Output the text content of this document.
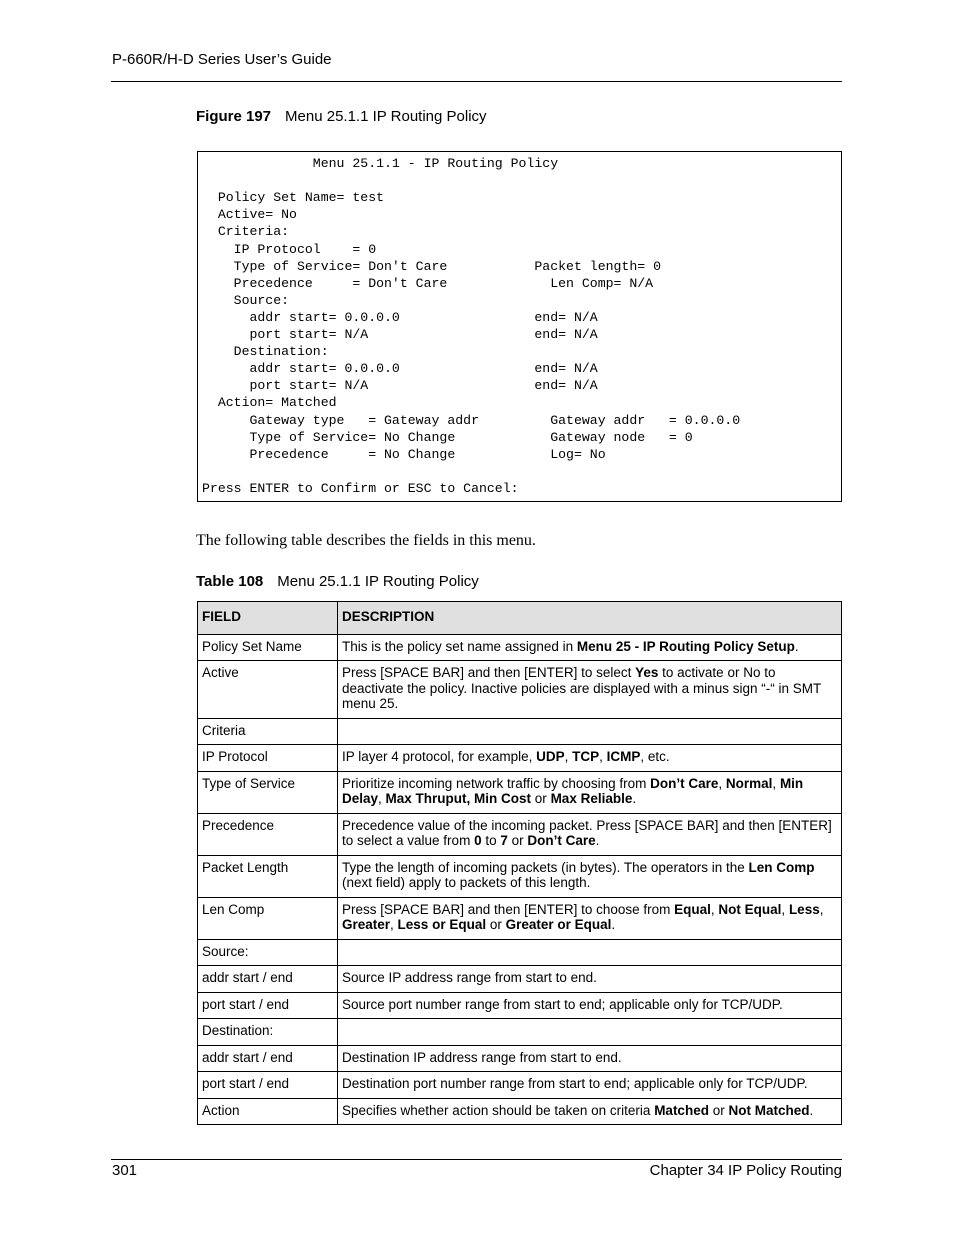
P-660R/H-D Series User’s Guide
Figure 197 Menu 25.1.1 IP Routing Policy
Menu 25.1.1 - IP Routing Policy
Policy Set Name= test
Active= No
Criteria:
IP Protocol    = 0
Type of Service= Don't Care           Packet length= 0
Precedence     = Don't Care             Len Comp= N/A
Source:
addr start= 0.0.0.0                 end= N/A
port start= N/A                     end= N/A
Destination:
addr start= 0.0.0.0                 end= N/A
port start= N/A                     end= N/A
Action= Matched
Gateway type   = Gateway addr         Gateway addr   = 0.0.0.0
Type of Service= No Change            Gateway node   = 0
Precedence     = No Change            Log= No
Press ENTER to Confirm or ESC to Cancel:
The following table describes the fields in this menu.
Table 108 Menu 25.1.1 IP Routing Policy
FIELD	DESCRIPTION
Policy Set Name	This is the policy set name assigned in Menu 25 - IP Routing Policy Setup.
Active	Press [SPACE BAR] and then [ENTER] to select Yes to activate or No to deactivate the policy. Inactive policies are displayed with a minus sign “-“ in SMT menu 25.
Criteria	
IP Protocol	IP layer 4 protocol, for example, UDP, TCP, ICMP, etc.
Type of Service	Prioritize incoming network traffic by choosing from Don’t Care, Normal, Min Delay, Max Thruput, Min Cost or Max Reliable.
Precedence	Precedence value of the incoming packet. Press [SPACE BAR] and then [ENTER] to select a value from 0 to 7 or Don’t Care.
Packet Length	Type the length of incoming packets (in bytes). The operators in the Len Comp (next field) apply to packets of this length.
Len Comp	Press [SPACE BAR] and then [ENTER] to choose from Equal, Not Equal, Less, Greater, Less or Equal or Greater or Equal.
Source:	
addr start / end	Source IP address range from start to end.
port start / end	Source port number range from start to end; applicable only for TCP/UDP.
Destination:	
addr start / end	Destination IP address range from start to end.
port start / end	Destination port number range from start to end; applicable only for TCP/UDP.
Action	Specifies whether action should be taken on criteria Matched or Not Matched.
301	Chapter 34 IP Policy Routing
